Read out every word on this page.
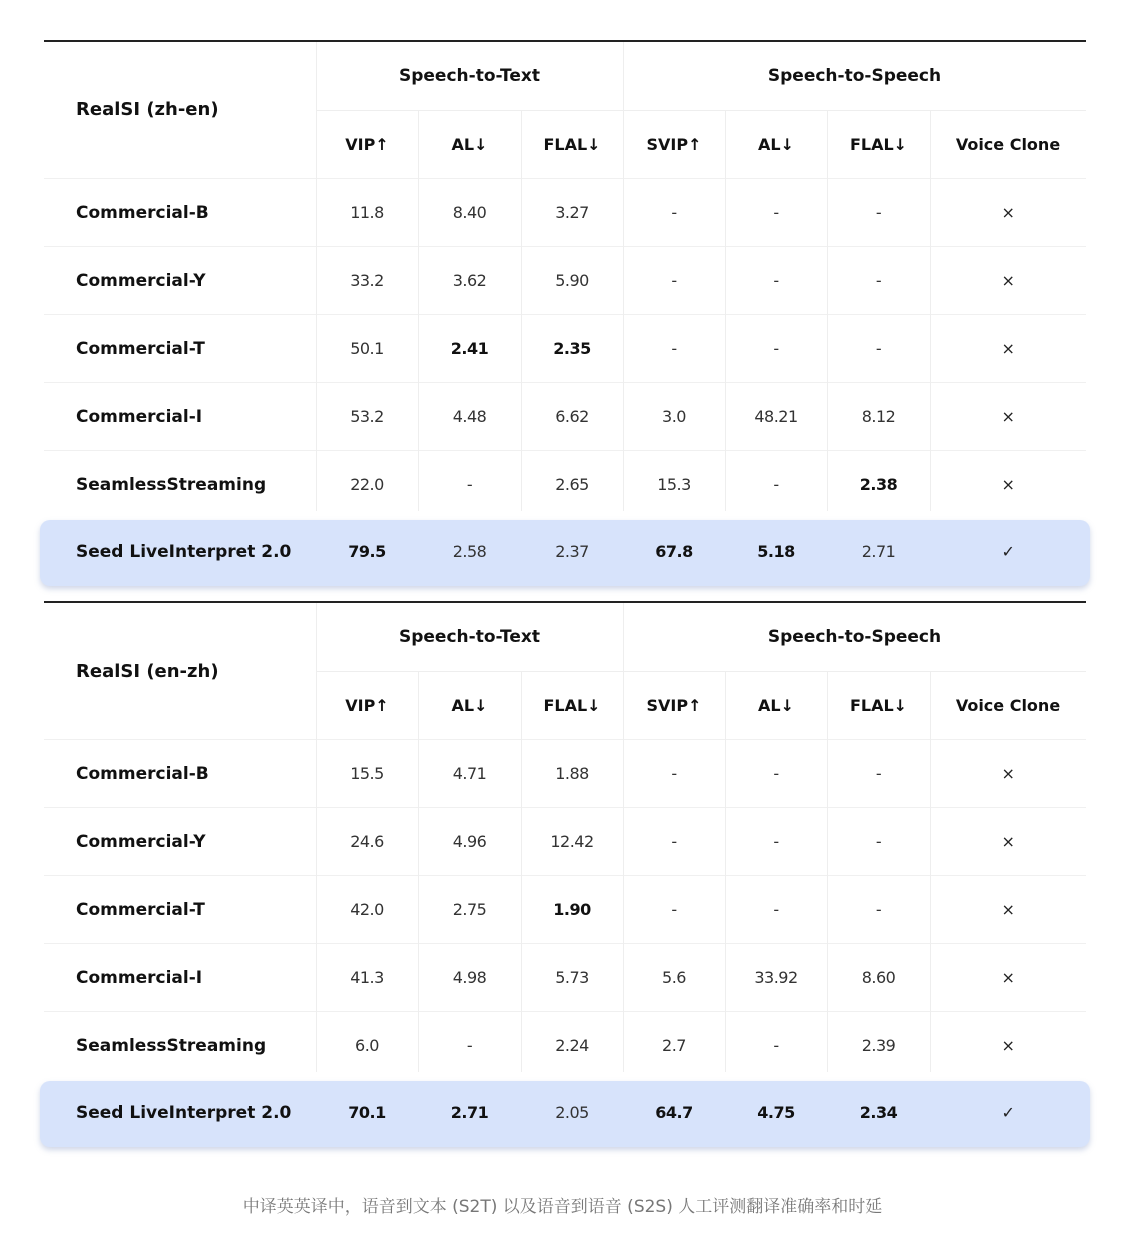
RealSI (zh-en)
Speech-to-Text	Speech-to-Speech
VIP↑	AL↓	FLAL↓	SVIP↑	AL↓	FLAL↓	Voice Clone
Commercial-B	11.8	8.40	3.27	-	-	-	×
Commercial-Y	33.2	3.62	5.90	-	-	-	×
Commercial-T	50.1	2.41	2.35	-	-	-	×
Commercial-I	53.2	4.48	6.62	3.0	48.21	8.12	×
SeamlessStreaming	22.0	-	2.65	15.3	-	2.38	×
Seed LiveInterpret 2.0	79.5	2.58	2.37	67.8	5.18	2.71	✓
RealSI (en-zh)
Speech-to-Text	Speech-to-Speech
VIP↑	AL↓	FLAL↓	SVIP↑	AL↓	FLAL↓	Voice Clone
Commercial-B	15.5	4.71	1.88	-	-	-	×
Commercial-Y	24.6	4.96	12.42	-	-	-	×
Commercial-T	42.0	2.75	1.90	-	-	-	×
Commercial-I	41.3	4.98	5.73	5.6	33.92	8.60	×
SeamlessStreaming	6.0	-	2.24	2.7	-	2.39	×
Seed LiveInterpret 2.0	70.1	2.71	2.05	64.7	4.75	2.34	✓
中译英英译中，语音到文本 (S2T) 以及语音到语音 (S2S) 人工评测翻译准确率和时延
